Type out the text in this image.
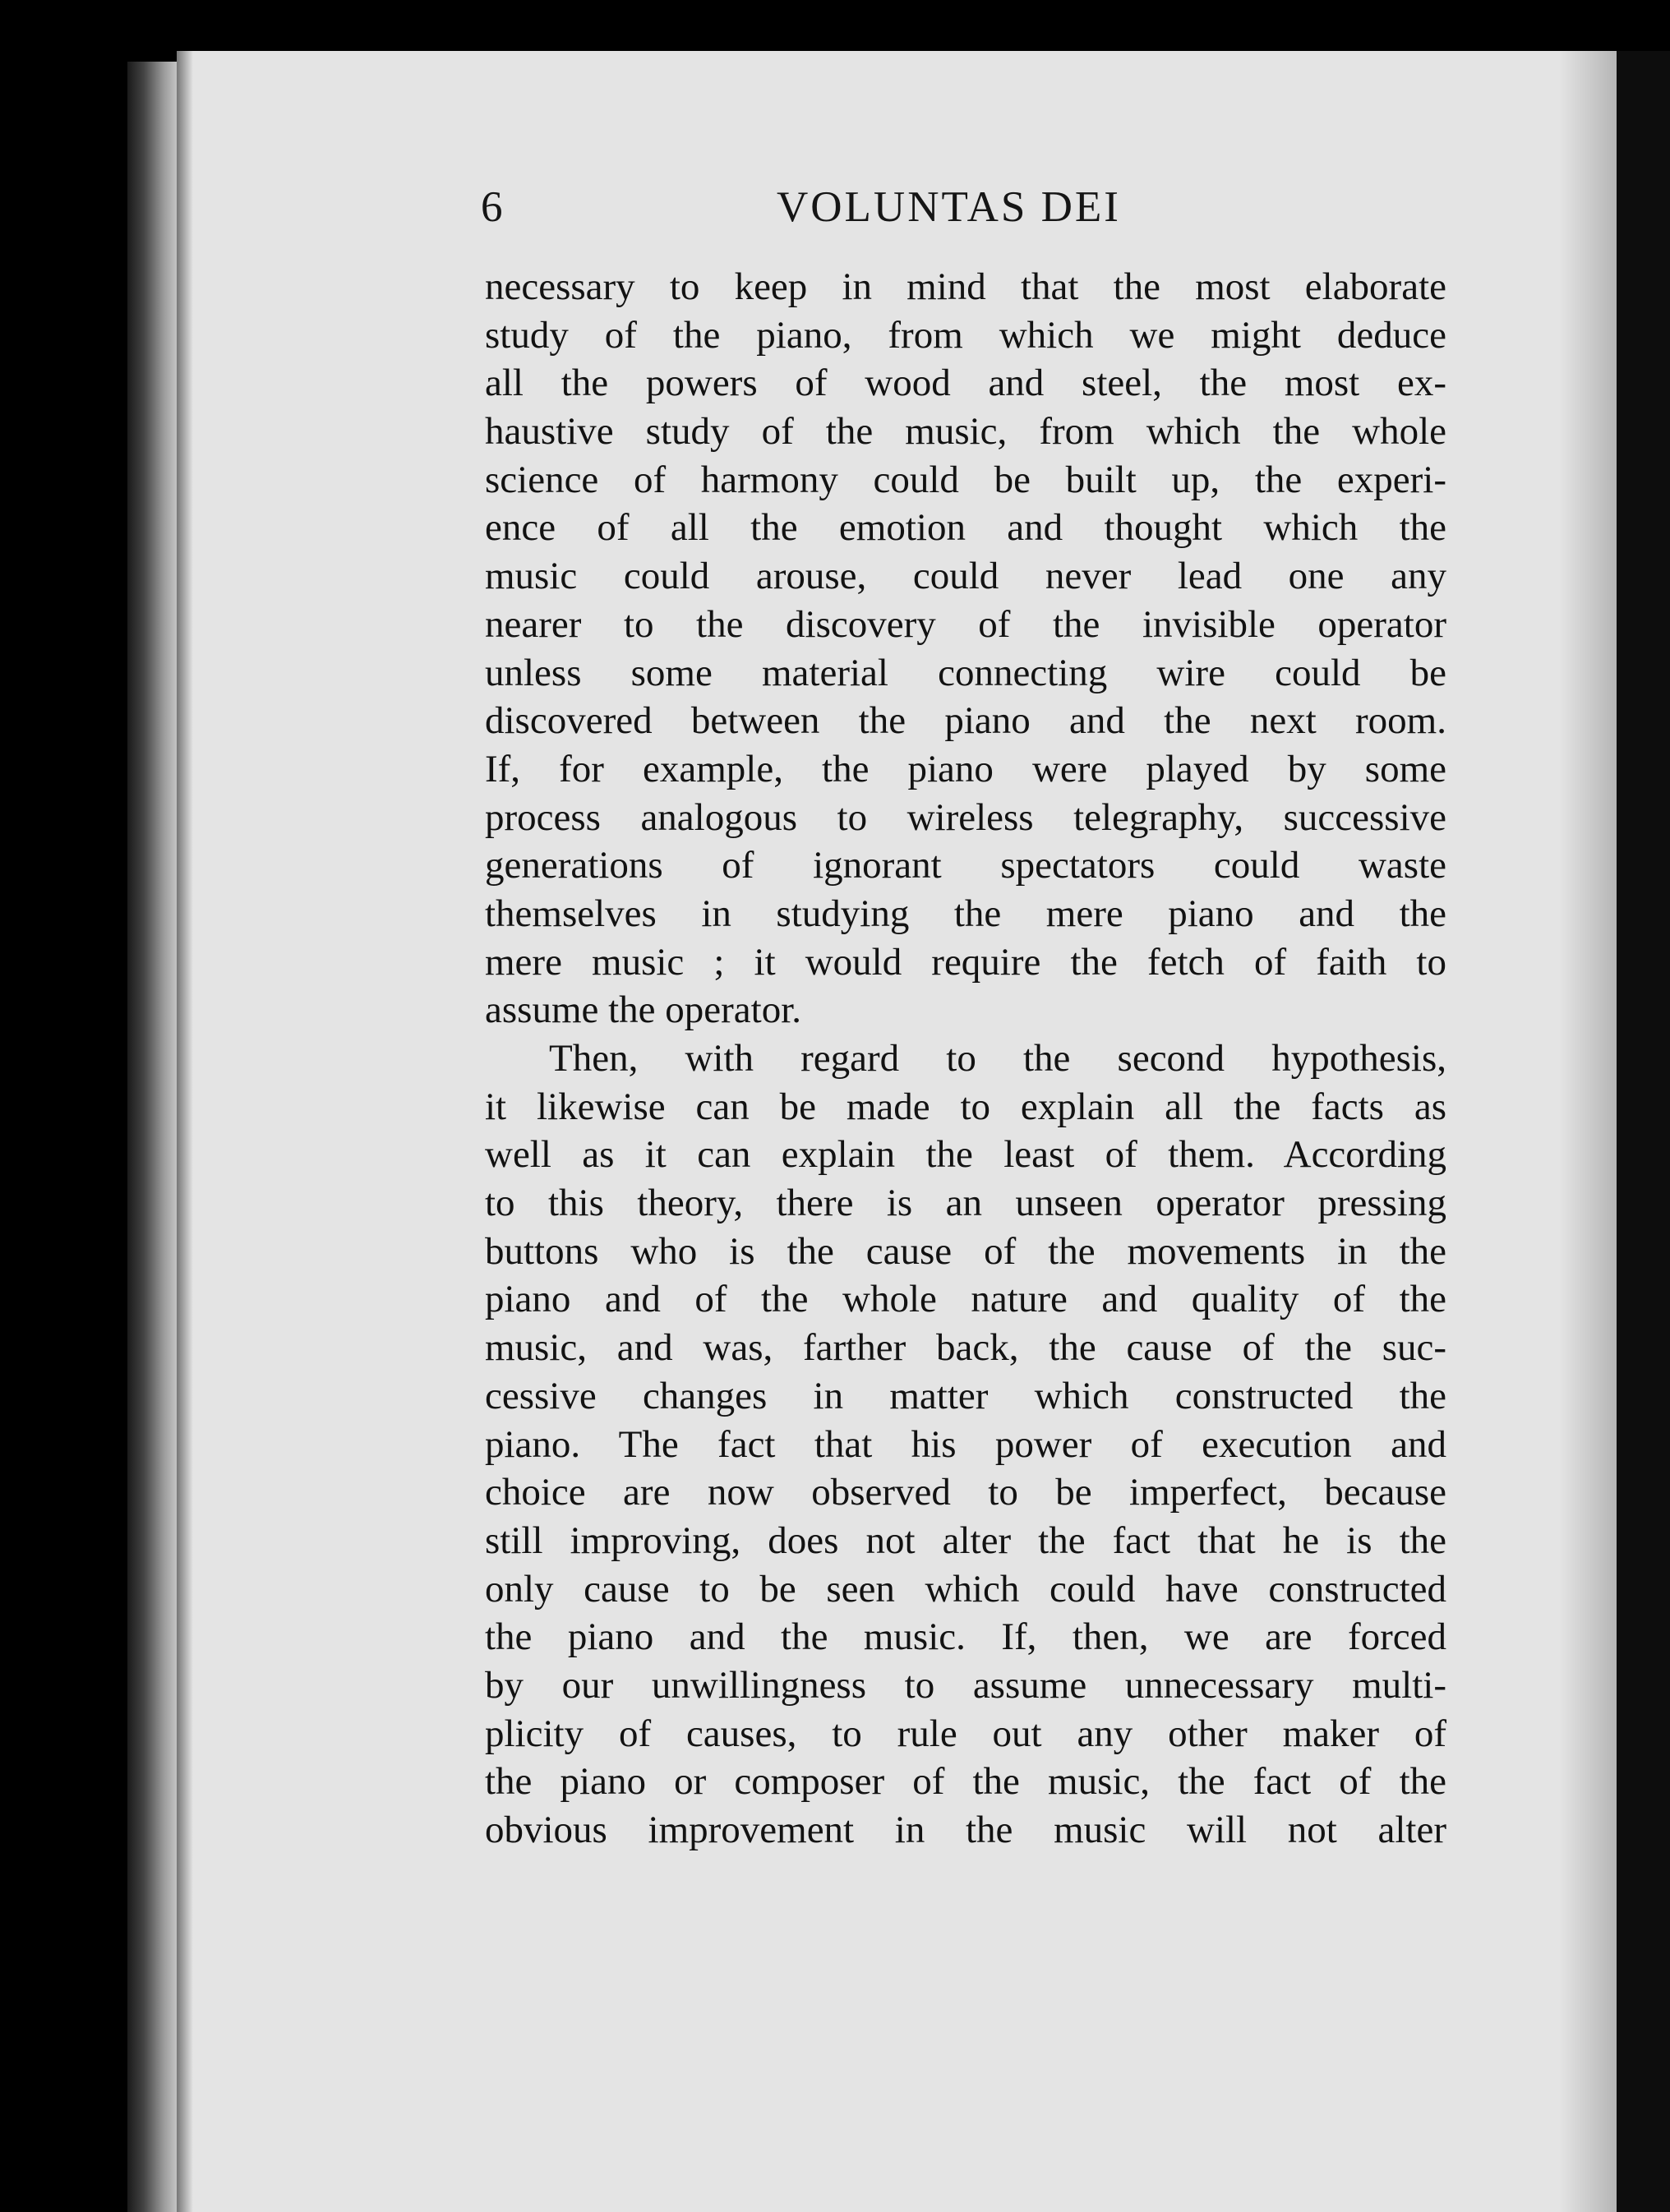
6	VOLUNTAS DEI
necessary to keep in mind that the most elaborate
study of the piano, from which we might deduce
all the powers of wood and steel, the most ex-
haustive study of the music, from which the whole
science of harmony could be built up, the experi-
ence of all the emotion and thought which the
music could arouse, could never lead one any
nearer to the discovery of the invisible operator
unless some material connecting wire could be
discovered between the piano and the next room.
If, for example, the piano were played by some
process analogous to wireless telegraphy, successive
generations of ignorant spectators could waste
themselves in studying the mere piano and the
mere music ; it would require the fetch of faith to
assume the operator.
Then, with regard to the second hypothesis,
it likewise can be made to explain all the facts as
well as it can explain the least of them. According
to this theory, there is an unseen operator pressing
buttons who is the cause of the movements in the
piano and of the whole nature and quality of the
music, and was, farther back, the cause of the suc-
cessive changes in matter which constructed the
piano. The fact that his power of execution and
choice are now observed to be imperfect, because
still improving, does not alter the fact that he is the
only cause to be seen which could have constructed
the piano and the music. If, then, we are forced
by our unwillingness to assume unnecessary multi-
plicity of causes, to rule out any other maker of
the piano or composer of the music, the fact of the
obvious improvement in the music will not alter
